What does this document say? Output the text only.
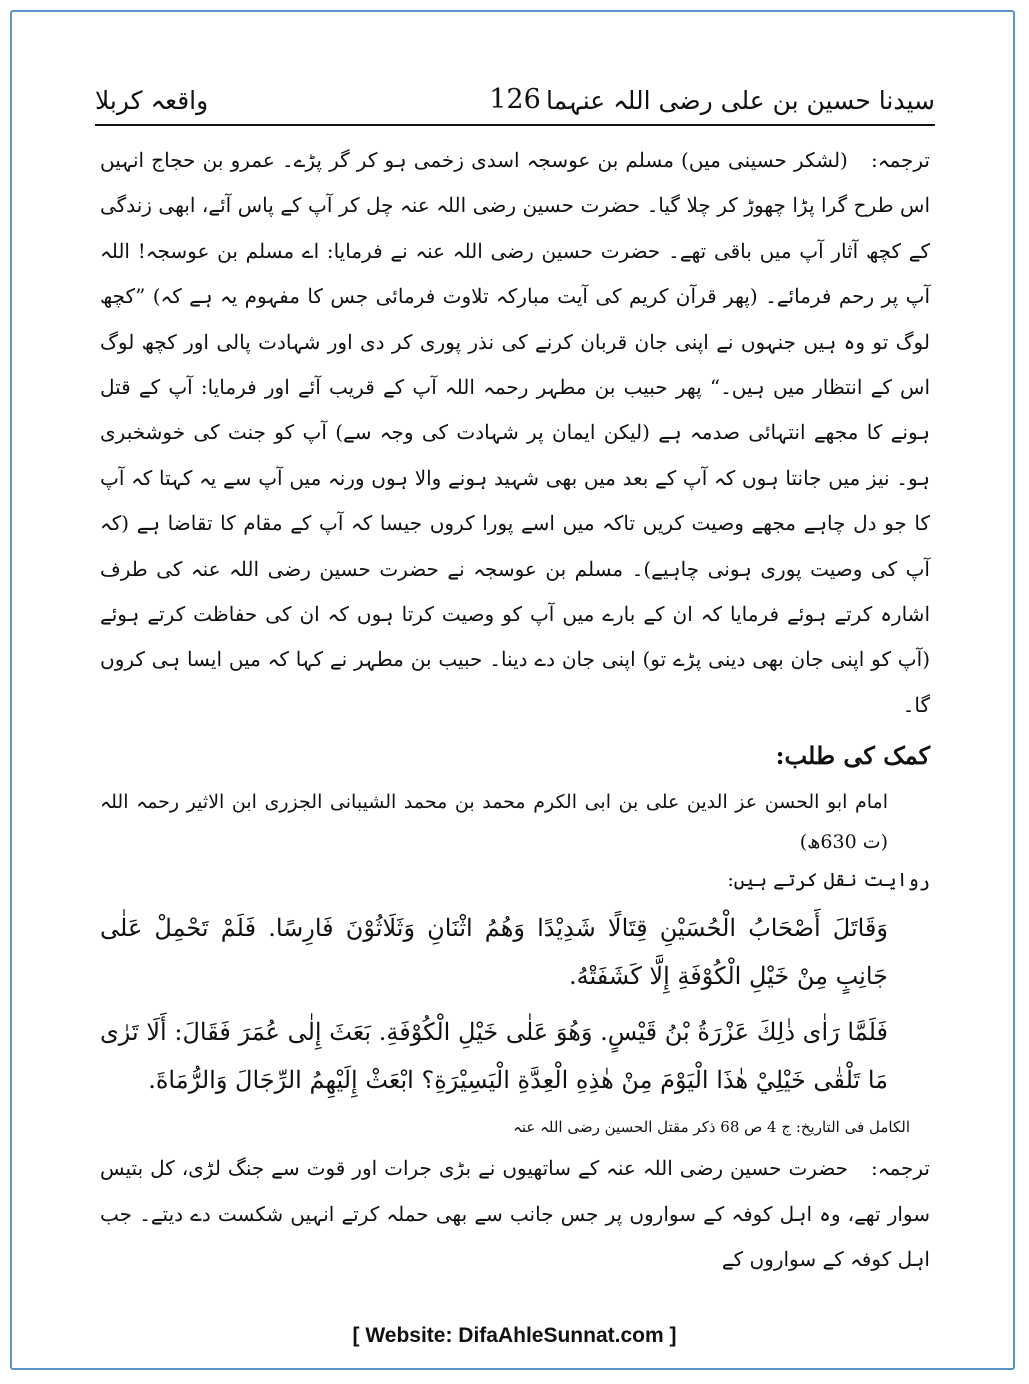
سیدنا حسین بن علی رضی اللہ عنہما
126
واقعہ کربلا

ترجمہ: (لشکر حسینی میں) مسلم بن عوسجہ اسدی زخمی ہو کر گر پڑے۔ عمرو بن حجاج انہیں اس طرح گرا پڑا چھوڑ کر چلا گیا۔ حضرت حسین رضی اللہ عنہ چل کر آپ کے پاس آئے، ابھی زندگی کے کچھ آثار آپ میں باقی تھے۔ حضرت حسین رضی اللہ عنہ نے فرمایا: اے مسلم بن عوسجہ! اللہ آپ پر رحم فرمائے۔ (پھر قرآن کریم کی آیت مبارکہ تلاوت فرمائی جس کا مفہوم یہ ہے کہ) ”کچھ لوگ تو وہ ہیں جنہوں نے اپنی جان قربان کرنے کی نذر پوری کر دی اور شہادت پالی اور کچھ لوگ اس کے انتظار میں ہیں۔“ پھر حبیب بن مطہر رحمہ اللہ آپ کے قریب آئے اور فرمایا: آپ کے قتل ہونے کا مجھے انتہائی صدمہ ہے (لیکن ایمان پر شہادت کی وجہ سے) آپ کو جنت کی خوشخبری ہو۔ نیز میں جانتا ہوں کہ آپ کے بعد میں بھی شہید ہونے والا ہوں ورنہ میں آپ سے یہ کہتا کہ آپ کا جو دل چاہے مجھے وصیت کریں تاکہ میں اسے پورا کروں جیسا کہ آپ کے مقام کا تقاضا ہے (کہ آپ کی وصیت پوری ہونی چاہیے)۔ مسلم بن عوسجہ نے حضرت حسین رضی اللہ عنہ کی طرف اشارہ کرتے ہوئے فرمایا کہ ان کے بارے میں آپ کو وصیت کرتا ہوں کہ ان کی حفاظت کرتے ہوئے (آپ کو اپنی جان بھی دینی پڑے تو) اپنی جان دے دینا۔ حبیب بن مطہر نے کہا کہ میں ایسا ہی کروں گا۔

کمک کی طلب:

امام ابو الحسن عز الدین علی بن ابی الکرم محمد بن محمد الشیبانی الجزری ابن الاثیر رحمہ اللہ (ت 630ھ)

روایت نقل کرتے ہیں:

وَقَاتَلَ أَصْحَابُ الْحُسَيْنِ قِتَالًا شَدِيْدًا وَهُمُ اثْنَانِ وَثَلَاثُوْنَ فَارِسًا. فَلَمْ تَحْمِلْ عَلٰى جَانِبٍ مِنْ خَيْلِ الْكُوْفَةِ إِلَّا كَشَفَتْهُ.

فَلَمَّا رَاٰى ذٰلِكَ عَزْرَةُ بْنُ قَيْسٍ. وَهُوَ عَلٰى خَيْلِ الْكُوْفَةِ. بَعَثَ إِلٰى عُمَرَ فَقَالَ: أَلَا تَرٰى مَا تَلْقٰى خَيْلِيْ هٰذَا الْيَوْمَ مِنْ هٰذِهِ الْعِدَّةِ الْيَسِيْرَةِ؟ ابْعَثْ إِلَيْهِمُ الرِّجَالَ وَالرُّمَاةَ.

الکامل فی التاریخ: ج 4 ص 68 ذکر مقتل الحسین رضی اللہ عنہ

ترجمہ: حضرت حسین رضی اللہ عنہ کے ساتھیوں نے بڑی جرات اور قوت سے جنگ لڑی، کل بتیس سوار تھے، وہ اہل کوفہ کے سواروں پر جس جانب سے بھی حملہ کرتے انہیں شکست دے دیتے۔ جب اہل کوفہ کے سواروں کے

[ Website: DifaAhleSunnat.com ]
